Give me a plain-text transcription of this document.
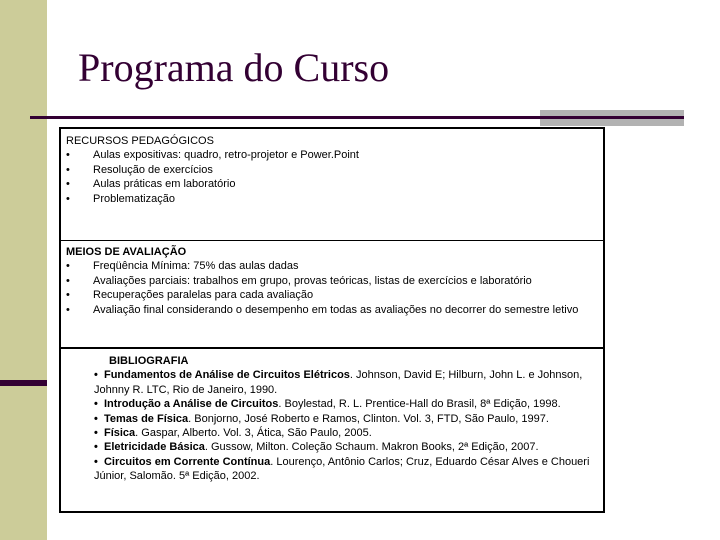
Programa do Curso

RECURSOS PEDAGÓGICOS

• Aulas expositivas: quadro, retro-projetor e Power.Point
• Resolução de exercícios
• Aulas práticas em laboratório
• Problematização

MEIOS DE AVALIAÇÃO

• Freqüência Mínima: 75% das aulas dadas
• Avaliações parciais: trabalhos em grupo, provas teóricas, listas de exercícios e laboratório
• Recuperações paralelas para cada avaliação
• Avaliação final considerando o desempenho em todas as avaliações no decorrer do semestre letivo

BIBLIOGRAFIA

• Fundamentos de Análise de Circuitos Elétricos. Johnson, David E; Hilburn, John L. e Johnson, Johnny R. LTC, Rio de Janeiro, 1990.
• Introdução a Análise de Circuitos. Boylestad, R. L. Prentice-Hall do Brasil, 8ª Edição, 1998.
• Temas de Física. Bonjorno, José Roberto e Ramos, Clinton. Vol. 3, FTD, São Paulo, 1997.
• Física. Gaspar, Alberto. Vol. 3, Ática, São Paulo, 2005.
• Eletricidade Básica. Gussow, Milton. Coleção Schaum. Makron Books, 2ª Edição, 2007.
• Circuitos em Corrente Contínua. Lourenço, Antônio Carlos; Cruz, Eduardo César Alves e Choueri Júnior, Salomão. 5ª Edição, 2002.
